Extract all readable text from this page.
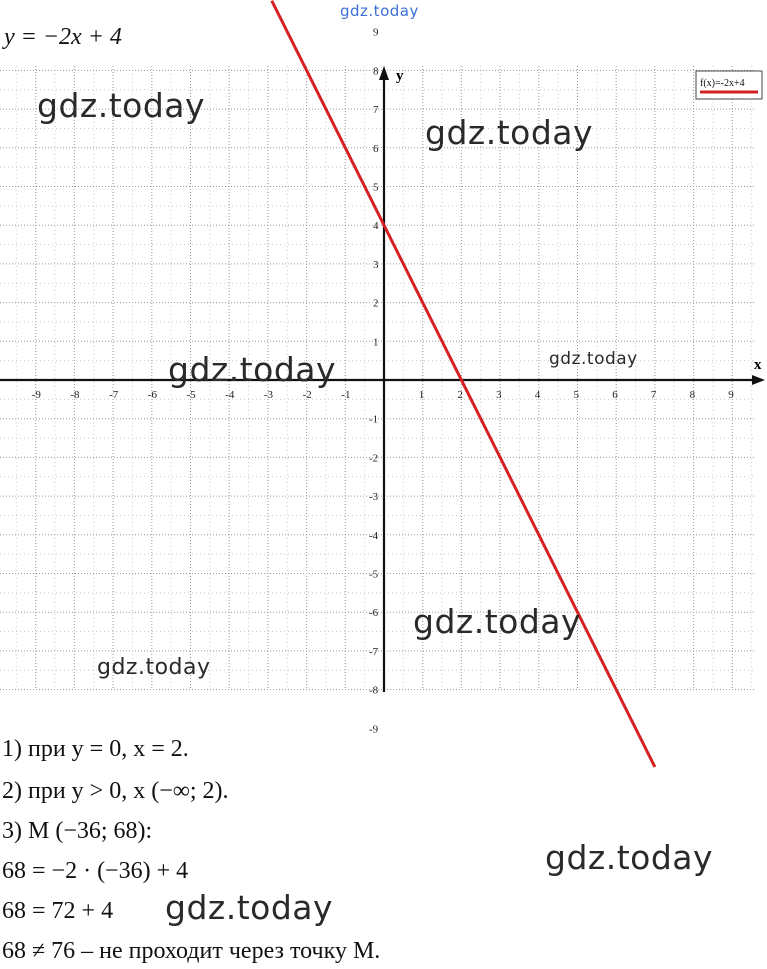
gdz.today
y = −2x + 4
x
y
-9	-8	-7	-6	-5	-4	-3	-2	-1	1	2	3	4	5	6	7	8	9
9
8
7
6
5
4
3
2
1
-1
-2
-3
-4
-5
-6
-7
-8
-9
f(x)=-2x+4
gdz.today
gdz.today
gdz.today	gdz.today
gdz.today
gdz.today
1) при y = 0, x = 2.
2) при y > 0, x (−∞; 2).
3) M (−36; 68):
68 = −2 · (−36) + 4
68 = 72 + 4
68 ≠ 76 – не проходит через точку M.
gdz.today
gdz.today
